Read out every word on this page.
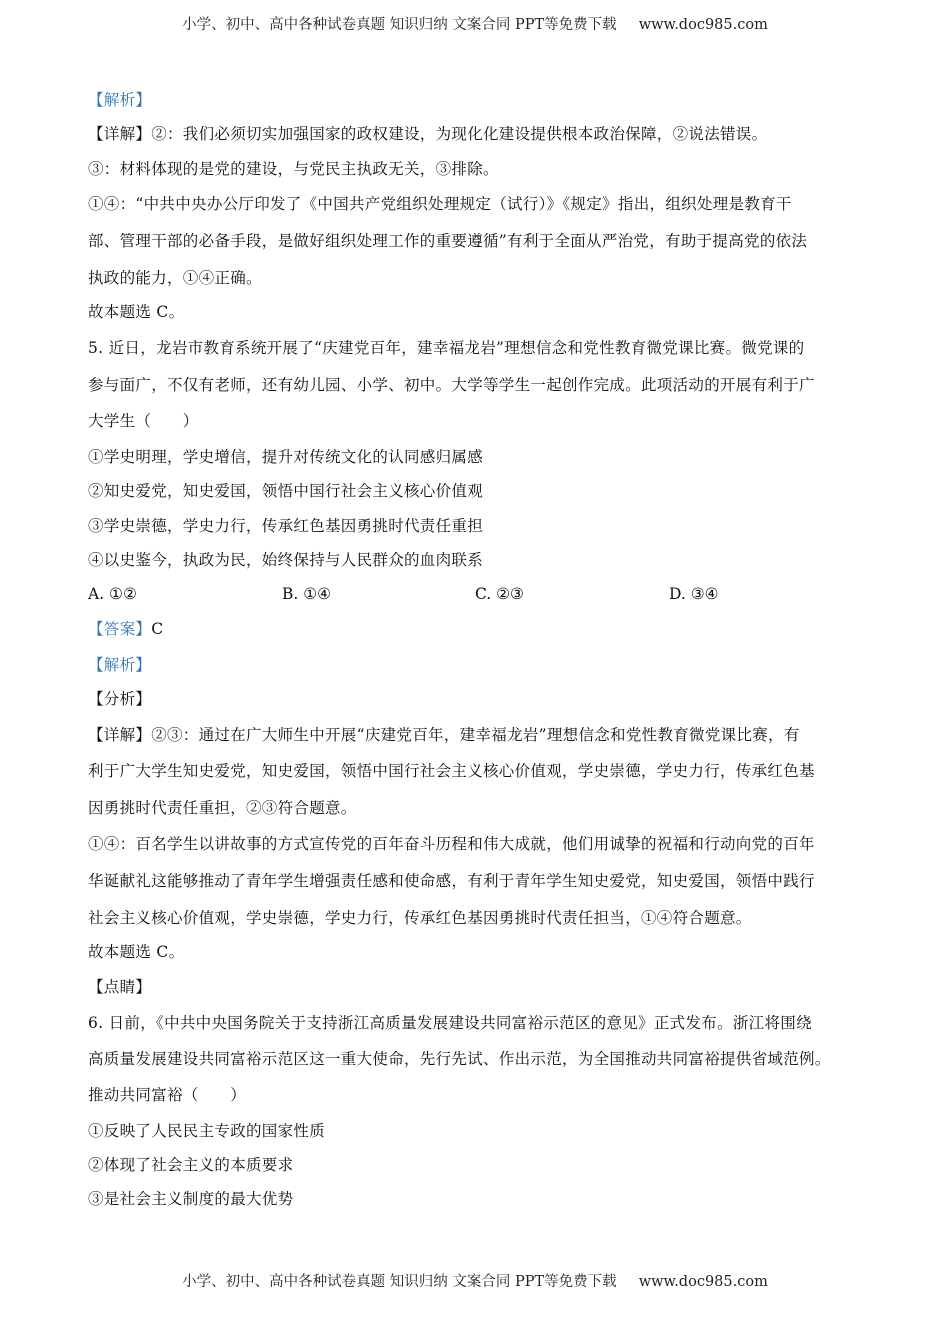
小学、初中、高中各种试卷真题 知识归纳 文案合同 PPT等免费下载 www.doc985.com
【解析】
【详解】②：我们必须切实加强国家的政权建设，为现化化建设提供根本政治保障，②说法错误。
③：材料体现的是党的建设，与党民主执政无关，③排除。
①④：“中共中央办公厅印发了《中国共产党组织处理规定（试行）》《规定》指出，组织处理是教育干
部、管理干部的必备手段，是做好组织处理工作的重要遵循”有利于全面从严治党，有助于提高党的依法
执政的能力，①④正确。
故本题选 C。
5. 近日，龙岩市教育系统开展了“庆建党百年，建幸福龙岩”理想信念和党性教育微党课比赛。微党课的
参与面广，不仅有老师，还有幼儿园、小学、初中。大学等学生一起创作完成。此项活动的开展有利于广
大学生（　　）
①学史明理，学史增信，提升对传统文化的认同感归属感
②知史爱党，知史爱国，领悟中国行社会主义核心价值观
③学史崇德，学史力行，传承红色基因勇挑时代责任重担
④以史鉴今，执政为民，始终保持与人民群众的血肉联系
A. ①②	B. ①④	C. ②③	D. ③④
【答案】C
【解析】
【分析】
【详解】②③：通过在广大师生中开展“庆建党百年，建幸福龙岩”理想信念和党性教育微党课比赛，有
利于广大学生知史爱党，知史爱国，领悟中国行社会主义核心价值观，学史崇德，学史力行，传承红色基
因勇挑时代责任重担，②③符合题意。
①④：百名学生以讲故事的方式宣传党的百年奋斗历程和伟大成就，他们用诚挚的祝福和行动向党的百年
华诞献礼这能够推动了青年学生增强责任感和使命感，有利于青年学生知史爱党，知史爱国，领悟中践行
社会主义核心价值观，学史崇德，学史力行，传承红色基因勇挑时代责任担当，①④符合题意。
故本题选 C。
【点睛】
6. 日前，《中共中央国务院关于支持浙江高质量发展建设共同富裕示范区的意见》正式发布。浙江将围绕
高质量发展建设共同富裕示范区这一重大使命，先行先试、作出示范，为全国推动共同富裕提供省域范例。
推动共同富裕（　　）
①反映了人民民主专政的国家性质
②体现了社会主义的本质要求
③是社会主义制度的最大优势
小学、初中、高中各种试卷真题 知识归纳 文案合同 PPT等免费下载 www.doc985.com
